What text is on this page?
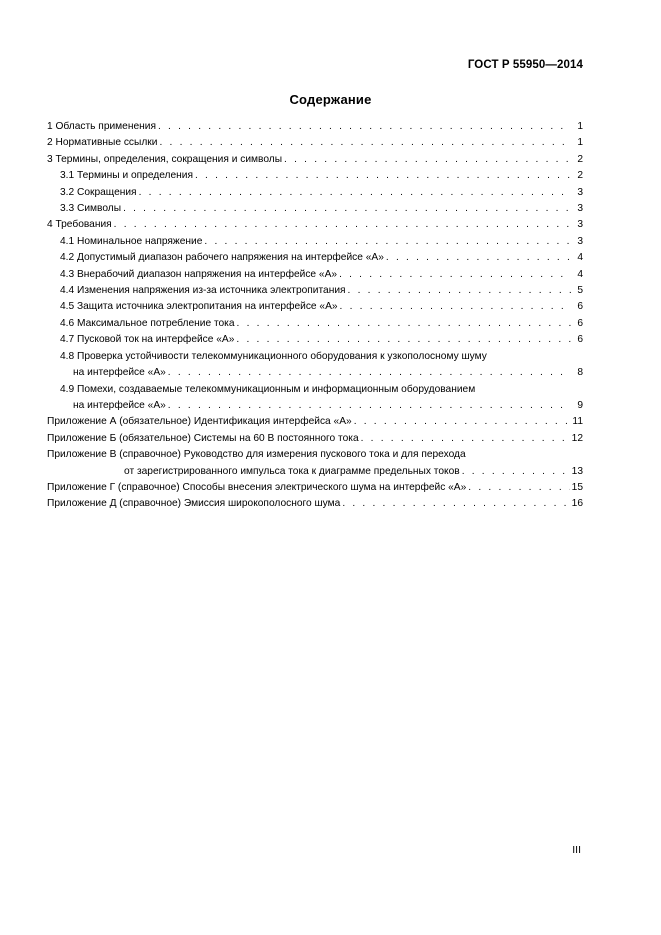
ГОСТ Р 55950—2014
Содержание
1 Область применения . . .	1
2 Нормативные ссылки . . .	1
3 Термины, определения, сокращения и символы . . .	2
3.1 Термины и определения . . .	2
3.2 Сокращения . . .	3
3.3 Символы . . .	3
4 Требования . . .	3
4.1 Номинальное напряжение . . .	3
4.2 Допустимый диапазон рабочего напряжения на интерфейсе «А» . . .	4
4.3 Внерабочий диапазон напряжения на интерфейсе «А» . . .	4
4.4 Изменения напряжения из-за источника электропитания . . .	5
4.5 Защита источника электропитания на интерфейсе «А» . . .	6
4.6 Максимальное потребление тока . . .	6
4.7 Пусковой ток на интерфейсе «А» . . .	6
4.8 Проверка устойчивости телекоммуникационного оборудования к узкополосному шуму
на интерфейсе «А» . . .	8
4.9 Помехи, создаваемые телекоммуникационным и информационным оборудованием
на интерфейсе «А» . . .	9
Приложение А (обязательное) Идентификация интерфейса «А» . . .	11
Приложение Б (обязательное) Системы на 60 В постоянного тока . . .	12
Приложение В (справочное) Руководство для измерения пускового тока и для перехода
от зарегистрированного импульса тока к диаграмме предельных токов . . .	13
Приложение Г (справочное) Способы внесения электрического шума на интерфейс «А» . . .	15
Приложение Д (справочное) Эмиссия широкополосного шума . . .	16
III
